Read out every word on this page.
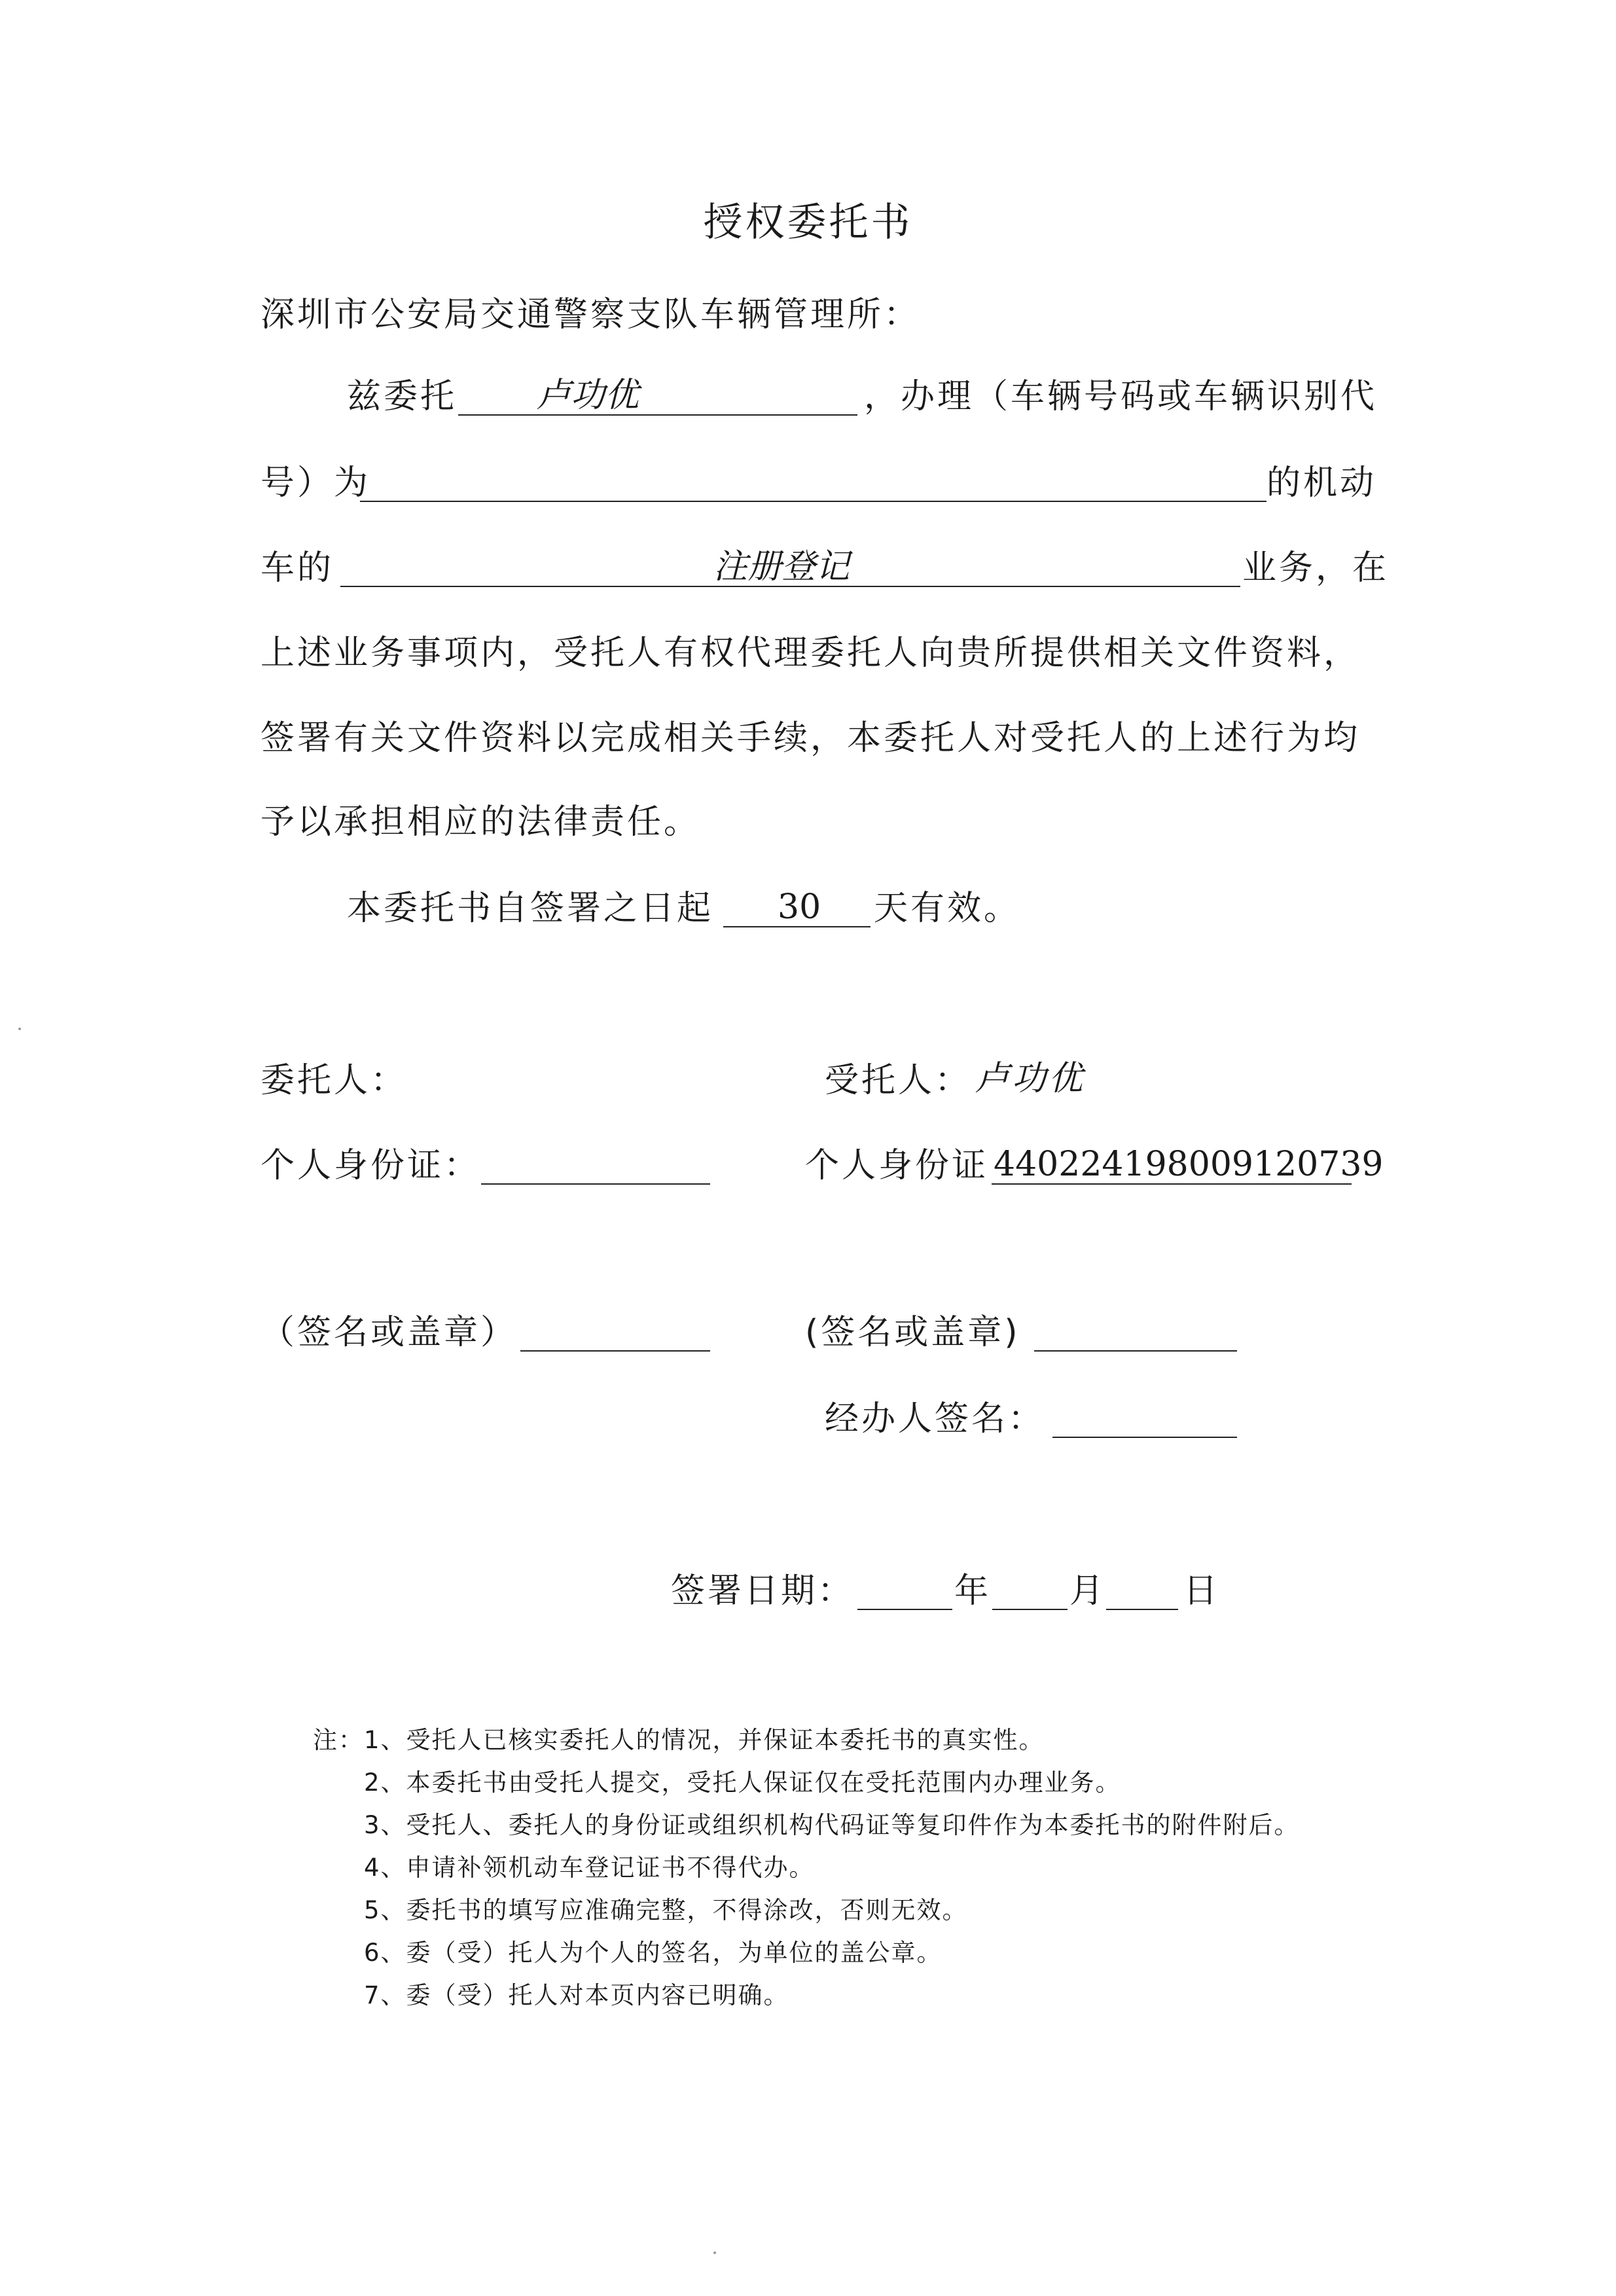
授权委托书
深圳市公安局交通警察支队车辆管理所：
兹委托 卢功优	，办理（车辆号码或车辆识别代
号）为	的机动
车的	注册登记	业务，在
上述业务事项内，受托人有权代理委托人向贵所提供相关文件资料，
签署有关文件资料以完成相关手续，本委托人对受托人的上述行为均
予以承担相应的法律责任。
本委托书自签署之日起 30 天有效。
委托人：	受托人： 卢功优
个人身份证：	个人身份证 440224198009120739
（签名或盖章）	(签名或盖章)
经办人签名：
签署日期：	年 月 日
注：1、受托人已核实委托人的情况，并保证本委托书的真实性。
2、本委托书由受托人提交，受托人保证仅在受托范围内办理业务。
3、受托人、委托人的身份证或组织机构代码证等复印件作为本委托书的附件附后。
4、申请补领机动车登记证书不得代办。
5、委托书的填写应准确完整，不得涂改，否则无效。
6、委（受）托人为个人的签名，为单位的盖公章。
7、委（受）托人对本页内容已明确。
